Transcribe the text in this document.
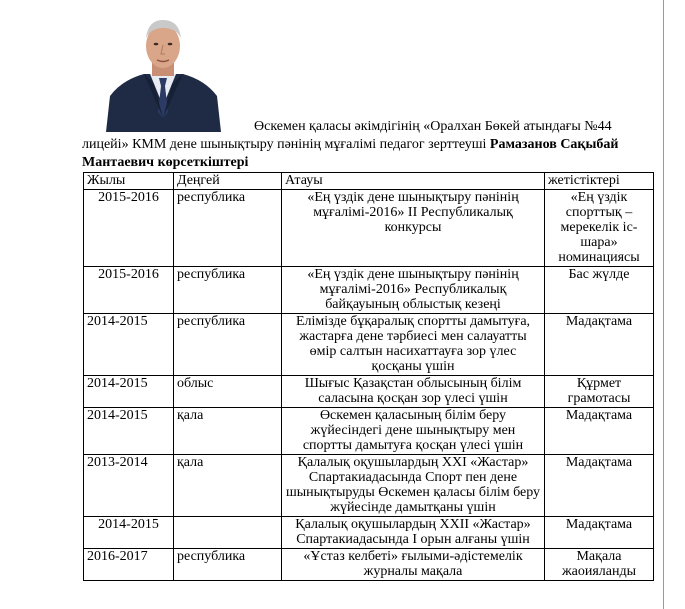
Өскемен қаласы әкімдігінің «Оралхан Бөкей атындағы №44
лицейі» КММ дене шынықтыру пәнінің мұғалімі педагог зерттеуші Рамазанов Сақыбай Мантаевич көрсеткіштері
Жылы	Деңгей	Атауы	жетістіктері
2015-2016	республика	«Ең үздік дене шынықтыру пәнінің мұғалімі-2016» II Республикалық конкурсы	«Ең үздік спорттық – мерекелік іс-шара» номинациясы
2015-2016	республика	«Ең үздік дене шынықтыру пәнінің мұғалімі-2016» Республикалық байқауының облыстық кезеңі	Бас жүлде
2014-2015	республика	Елімізде бұқаралық спортты дамытуға, жастарға дене тәрбиесі мен салауатты өмір салтын насихаттауға зор үлес қосқаны үшін	Мадақтама
2014-2015	облыс	Шығыс Қазақстан облысының білім саласына қосқан зор үлесі үшін	Құрмет грамотасы
2014-2015	қала	Өскемен қаласының білім беру жүйесіндегі дене шынықтыру мен спортты дамытуға қосқан үлесі үшін	Мадақтама
2013-2014	қала	Қалалық оқушылардың ХХІ «Жастар» Спартакиадасында Спорт пен дене шынықтыруды Өскемен қаласы білім беру жүйесінде дамытқаны үшін	Мадақтама
2014-2015		Қалалық оқушылардың ХХІІ «Жастар» Спартакиадасында І орын алғаны үшін	Мадақтама
2016-2017	республика	«Ұстаз келбеті» ғылыми-әдістемелік журналы мақала	Мақала жаоияланды
